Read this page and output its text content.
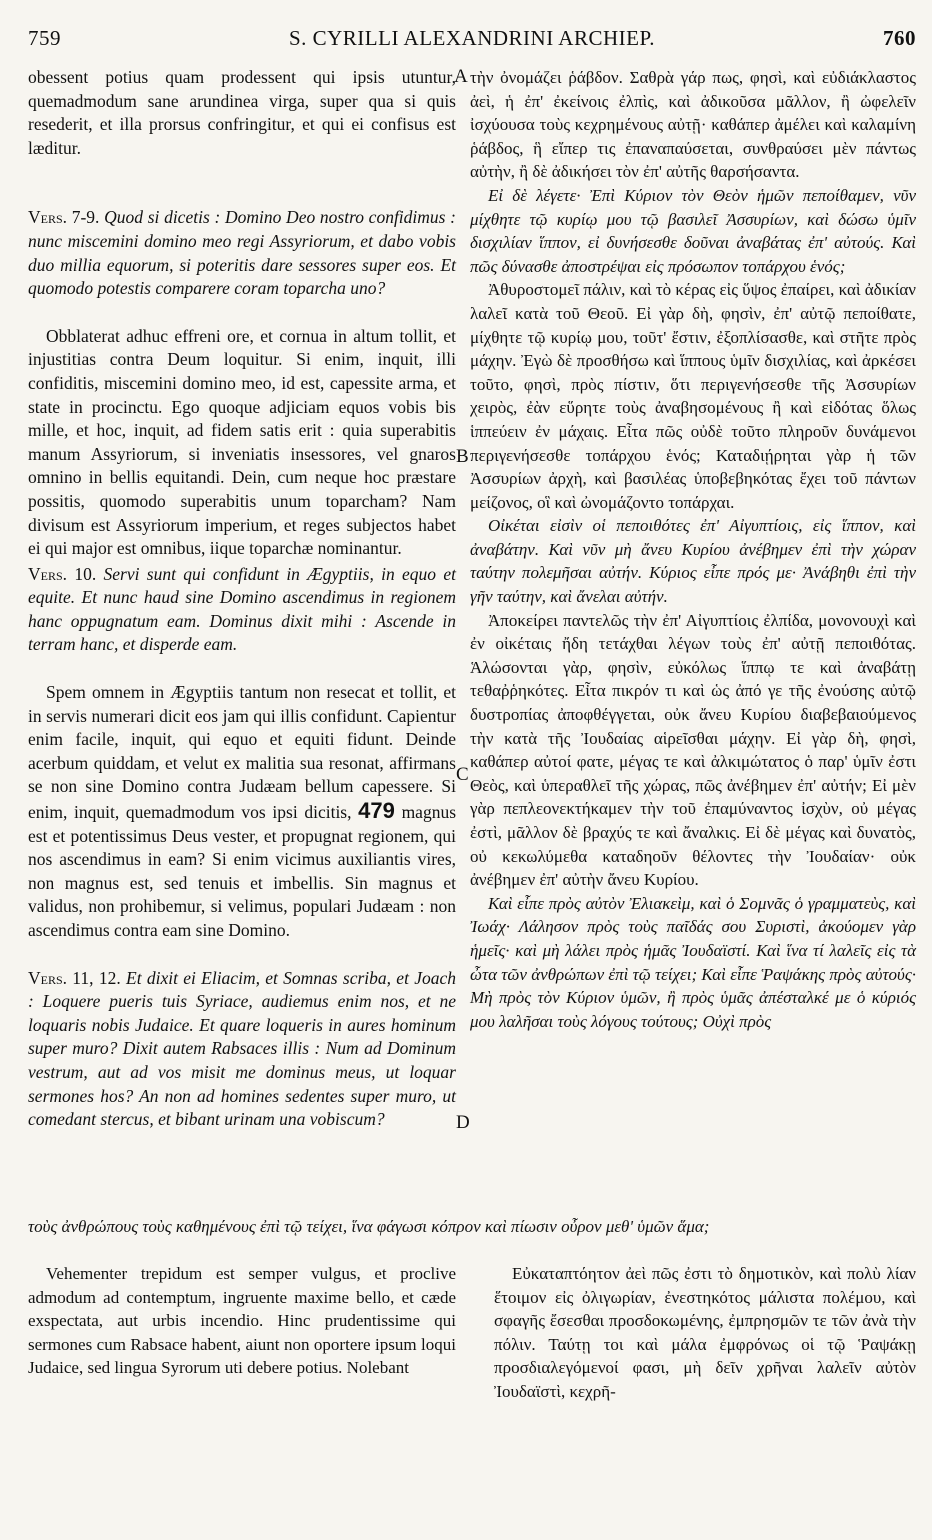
759	S. CYRILLI ALEXANDRINI ARCHIEP.	760
A
B
C
D

obessent potius quam prodessent qui ipsis utuntur, quemadmodum sane arundinea virga, super qua si quis resederit, et illa prorsus confringitur, et qui ei confisus est læditur.

Vers. 7-9. Quod si dicetis : Domino Deo nostro confidimus : nunc miscemini domino meo regi Assyriorum, et dabo vobis duo millia equorum, si poteritis dare sessores super eos. Et quomodo potestis comparere coram toparcha uno?

Obblaterat adhuc effreni ore, et cornua in altum tollit, et injustitias contra Deum loquitur. Si enim, inquit, illi confiditis, miscemini domino meo, id est, capessite arma, et state in procinctu. Ego quoque adjiciam equos vobis bis mille, et hoc, inquit, ad fidem satis erit : quia superabitis manum Assyriorum, si inveniatis insessores, vel gnaros omnino in bellis equitandi. Dein, cum neque hoc præstare possitis, quomodo superabitis unum toparcham? Nam divisum est Assyriorum imperium, et reges subjectos habet ei qui major est omnibus, iique toparchæ nominantur.

Vers. 10. Servi sunt qui confidunt in Ægyptiis, in equo et equite. Et nunc haud sine Domino ascendimus in regionem hanc oppugnatum eam. Dominus dixit mihi : Ascende in terram hanc, et disperde eam.

Spem omnem in Ægyptiis tantum non resecat et tollit, et in servis numerari dicit eos jam qui illis confidunt. Capientur enim facile, inquit, qui equo et equiti fidunt. Deinde acerbum quiddam, et velut ex malitia sua resonat, affirmans se non sine Domino contra Judæam bellum capessere. Si enim, inquit, quemadmodum vos ipsi dicitis, 479 magnus est et potentissimus Deus vester, et propugnat regionem, qui nos ascendimus in eam? Si enim vicimus auxiliantis vires, non magnus est, sed tenuis et imbellis. Sin magnus et validus, non prohibemur, si velimus, populari Judæam : non ascendimus contra eam sine Domino.

Vers. 11, 12. Et dixit ei Eliacim, et Somnas scriba, et Joach : Loquere pueris tuis Syriace, audiemus enim nos, et ne loquaris nobis Judaice. Et quare loqueris in aures hominum super muro? Dixit autem Rabsaces illis : Num ad Dominum vestrum, aut ad vos misit me dominus meus, ut loquar sermones hos? An non ad homines sedentes super muro, ut comedant stercus, et bibant urinam una vobiscum?

τὴν ὀνομάζει ῥάβδον. Σαθρὰ γάρ πως, φησὶ, καὶ εὐδιάκλαστος ἀεὶ, ἡ ἐπ' ἐκείνοις ἐλπὶς, καὶ ἀδικοῦσα μᾶλλον, ἢ ὠφελεῖν ἰσχύουσα τοὺς κεχρημένους αὐτῇ· καθάπερ ἀμέλει καὶ καλαμίνη ῥάβδος, ἣ εἴπερ τις ἐπαναπαύσεται, συνθραύσει μὲν πάντως αὐτὴν, ἢ δὲ ἀδικήσει τὸν ἐπ' αὐτῆς θαρσήσαντα.

Εἰ δὲ λέγετε· Ἐπὶ Κύριον τὸν Θεὸν ἡμῶν πεποίθαμεν, νῦν μίχθητε τῷ κυρίῳ μου τῷ βασιλεῖ Ἀσσυρίων, καὶ δώσω ὑμῖν δισχιλίαν ἵππον, εἰ δυνήσεσθε δοῦναι ἀναβάτας ἐπ' αὐτούς. Καὶ πῶς δύνασθε ἀποστρέψαι εἰς πρόσωπον τοπάρχου ἑνός;

Ἀθυροστομεῖ πάλιν, καὶ τὸ κέρας εἰς ὕψος ἐπαίρει, καὶ ἀδικίαν λαλεῖ κατὰ τοῦ Θεοῦ. Εἰ γὰρ δὴ, φησὶν, ἐπ' αὐτῷ πεποίθατε, μίχθητε τῷ κυρίῳ μου, τοῦτ' ἔστιν, ἐξοπλίσασθε, καὶ στῆτε πρὸς μάχην. Ἐγὼ δὲ προσθήσω καὶ ἵππους ὑμῖν δισχιλίας, καὶ ἀρκέσει τοῦτο, φησὶ, πρὸς πίστιν, ὅτι περιγενήσεσθε τῆς Ἀσσυρίων χειρὸς, ἐὰν εὕρητε τοὺς ἀναβησομένους ἢ καὶ εἰδότας ὅλως ἱππεύειν ἐν μάχαις. Εἶτα πῶς οὐδὲ τοῦτο πληροῦν δυνάμενοι περιγενήσεσθε τοπάρχου ἑνός; Καταδιῄρηται γὰρ ἡ τῶν Ἀσσυρίων ἀρχὴ, καὶ βασιλέας ὑποβεβηκότας ἔχει τοῦ πάντων μείζονος, οἳ καὶ ὠνομάζοντο τοπάρχαι.

Οἰκέται εἰσὶν οἱ πεποιθότες ἐπ' Αἰγυπτίοις, εἰς ἵππον, καὶ ἀναβάτην. Καὶ νῦν μὴ ἄνευ Κυρίου ἀνέβημεν ἐπὶ τὴν χώραν ταύτην πολεμῆσαι αὐτήν. Κύριος εἶπε πρός με· Ἀνάβηθι ἐπὶ τὴν γῆν ταύτην, καὶ ἄνελαι αὐτήν.

Ἀποκείρει παντελῶς τὴν ἐπ' Αἰγυπτίοις ἐλπίδα, μονονουχὶ καὶ ἐν οἰκέταις ἤδη τετάχθαι λέγων τοὺς ἐπ' αὐτῇ πεποιθότας. Ἁλώσονται γὰρ, φησὶν, εὐκόλως ἵππῳ τε καὶ ἀναβάτῃ τεθαῤῥηκότες. Εἶτα πικρόν τι καὶ ὡς ἀπό γε τῆς ἐνούσης αὐτῷ δυστροπίας ἀποφθέγγεται, οὐκ ἄνευ Κυρίου διαβεβαιούμενος τὴν κατὰ τῆς Ἰουδαίας αἱρεῖσθαι μάχην. Εἰ γὰρ δὴ, φησὶ, καθάπερ αὐτοί φατε, μέγας τε καὶ ἀλκιμώτατος ὁ παρ' ὑμῖν ἐστι Θεὸς, καὶ ὑπεραθλεῖ τῆς χώρας, πῶς ἀνέβημεν ἐπ' αὐτήν; Εἰ μὲν γὰρ πεπλεονεκτήκαμεν τὴν τοῦ ἐπαμύναντος ἰσχὺν, οὐ μέγας ἐστὶ, μᾶλλον δὲ βραχύς τε καὶ ἄναλκις. Εἰ δὲ μέγας καὶ δυνατὸς, οὐ κεκωλύμεθα καταδηοῦν θέλοντες τὴν Ἰουδαίαν· οὐκ ἀνέβημεν ἐπ' αὐτὴν ἄνευ Κυρίου.

Καὶ εἶπε πρὸς αὐτὸν Ἐλιακεὶμ, καὶ ὁ Σομνᾶς ὁ γραμματεὺς, καὶ Ἰωάχ· Λάλησον πρὸς τοὺς παῖδάς σου Συριστὶ, ἀκούομεν γὰρ ἡμεῖς· καὶ μὴ λάλει πρὸς ἡμᾶς Ἰουδαϊστί. Καὶ ἵνα τί λαλεῖς εἰς τὰ ὦτα τῶν ἀνθρώπων ἐπὶ τῷ τείχει; Καὶ εἶπε Ῥαψάκης πρὸς αὐτούς· Μὴ πρὸς τὸν Κύριον ὑμῶν, ἢ πρὸς ὑμᾶς ἀπέσταλκέ με ὁ κύριός μου λαλῆσαι τοὺς λόγους τούτους; Οὐχὶ πρὸς

τοὺς ἀνθρώπους τοὺς καθημένους ἐπὶ τῷ τείχει, ἵνα φάγωσι κόπρον καὶ πίωσιν οὖρον μεθ' ὑμῶν ἅμα;

Vehementer trepidum est semper vulgus, et proclive admodum ad contemptum, ingruente maxime bello, et cæde exspectata, aut urbis incendio. Hinc prudentissime qui sermones cum Rabsace habent, aiunt non oportere ipsum loqui Judaice, sed lingua Syrorum uti debere potius. Nolebant

Εὐκαταπτόητον ἀεὶ πῶς ἐστι τὸ δημοτικὸν, καὶ πολὺ λίαν ἕτοιμον εἰς ὀλιγωρίαν, ἐνεστηκότος μάλιστα πολέμου, καὶ σφαγῆς ἔσεσθαι προσδοκωμένης, ἐμπρησμῶν τε τῶν ἀνὰ τὴν πόλιν. Ταύτῃ τοι καὶ μάλα ἐμφρόνως οἱ τῷ Ῥαψάκῃ προσδιαλεγόμενοί φασι, μὴ δεῖν χρῆναι λαλεῖν αὐτὸν Ἰουδαϊστὶ, κεχρῆ-
